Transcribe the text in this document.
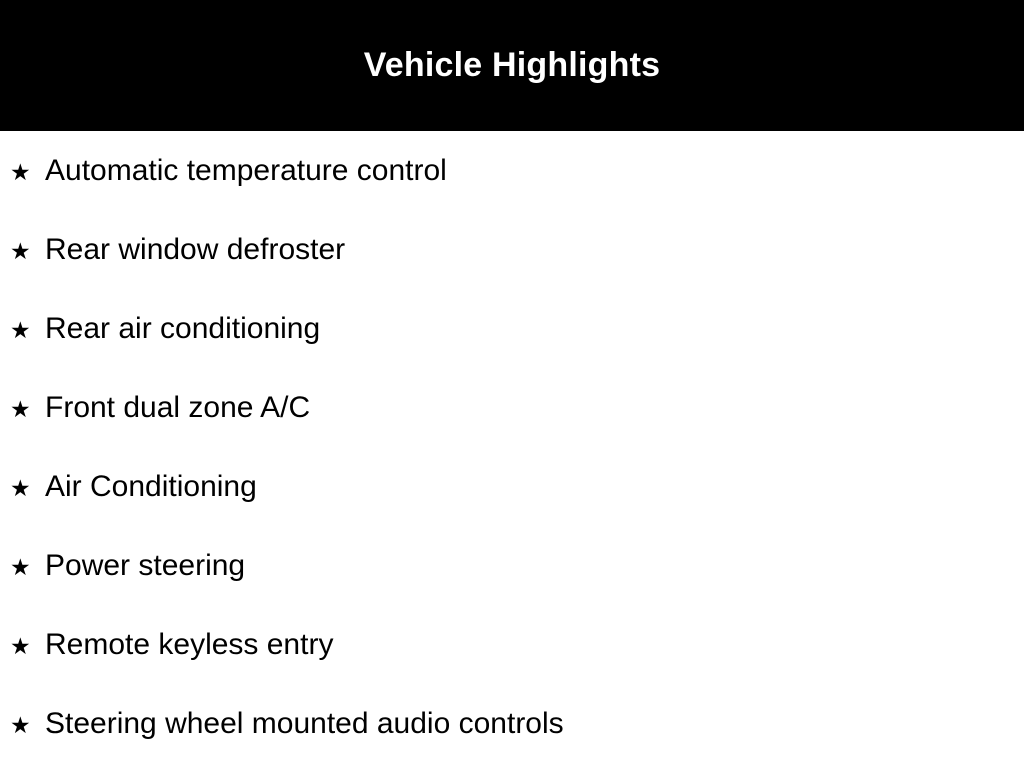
Vehicle Highlights
★ Automatic temperature control
★ Rear window defroster
★ Rear air conditioning
★ Front dual zone A/C
★ Air Conditioning
★ Power steering
★ Remote keyless entry
★ Steering wheel mounted audio controls
